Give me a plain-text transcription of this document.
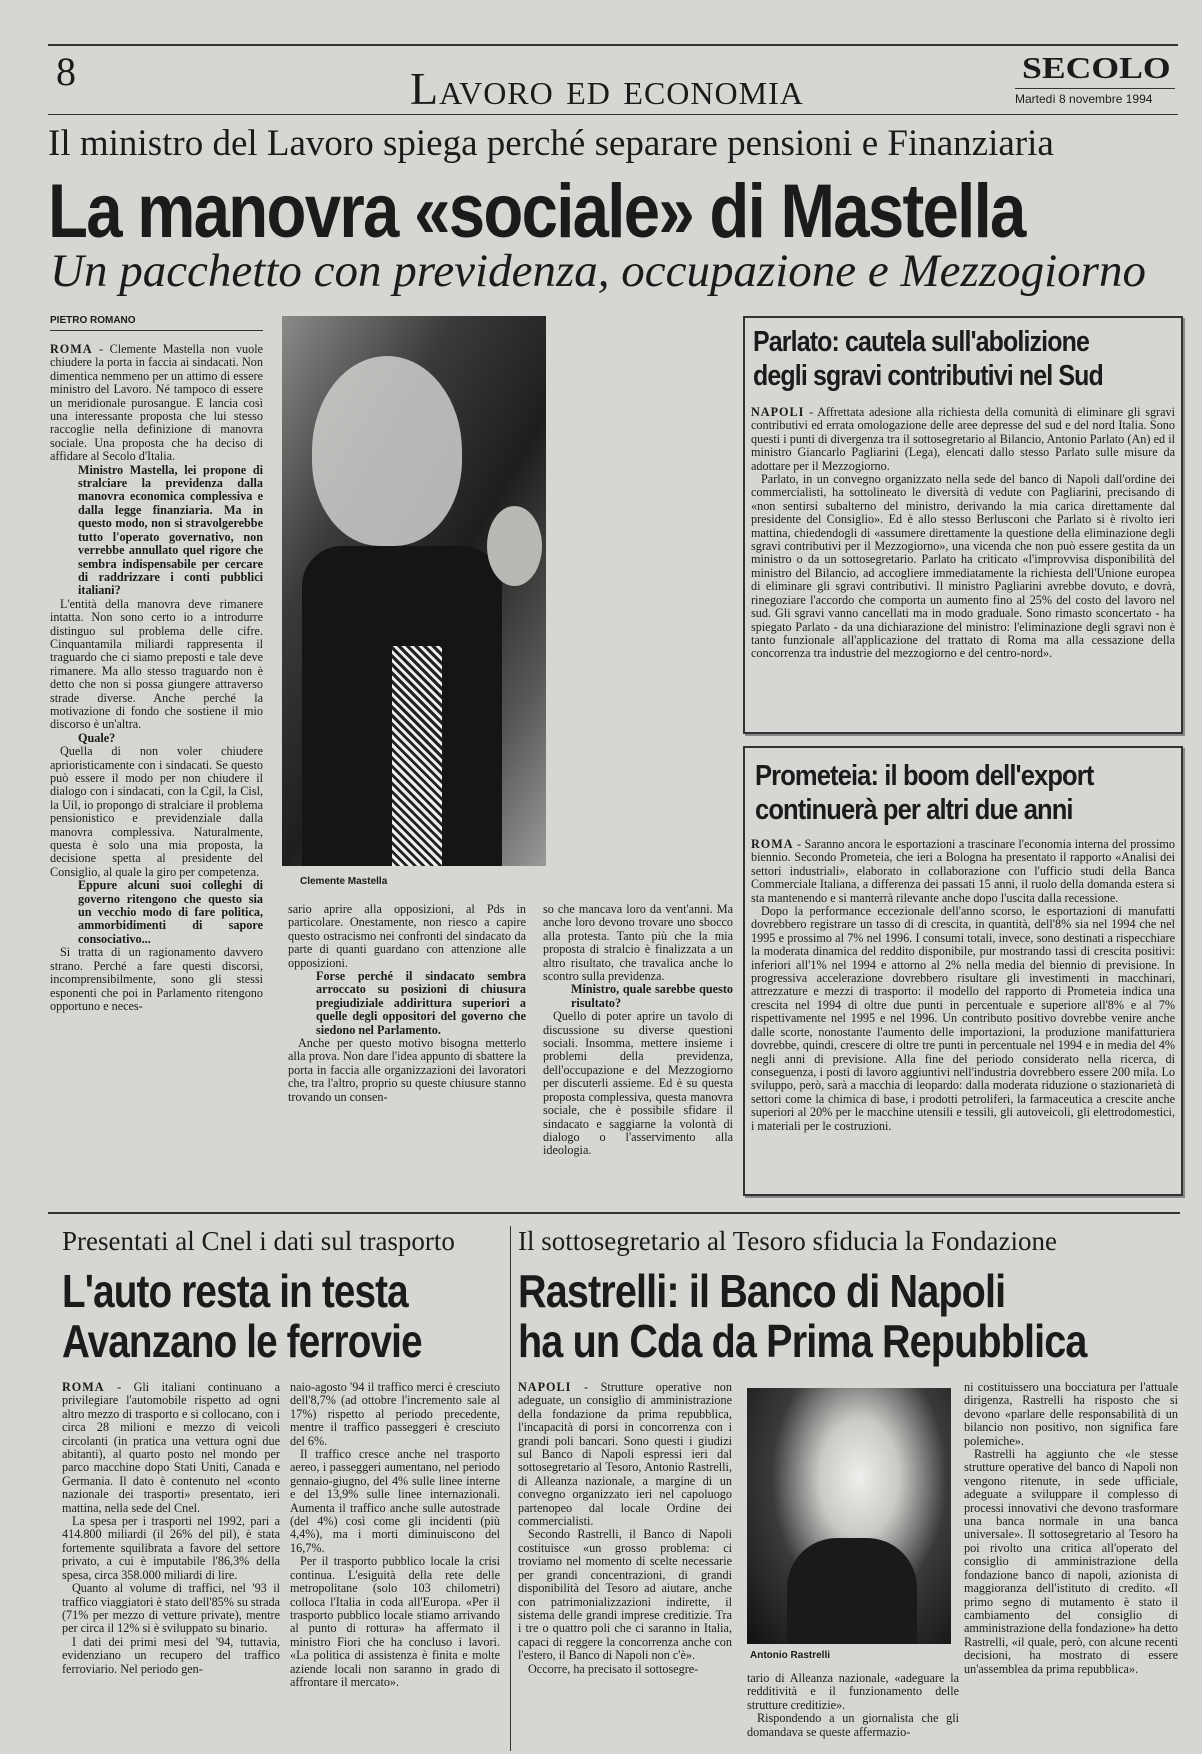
8	Lavoro ed economia	SECOLO
Martedì 8 novembre 1994
Il ministro del Lavoro spiega perché separare pensioni e Finanziaria
La manovra «sociale» di Mastella
Un pacchetto con previdenza, occupazione e Mezzogiorno
PIETRO ROMANO

ROMA - Clemente Mastella non vuole chiudere la porta in faccia ai sindacati. Non dimentica nemmeno per un attimo di essere ministro del Lavoro. Né tampoco di essere un meridionale purosangue. E lancia così una interessante proposta che lui stesso raccoglie nella definizione di manovra sociale. Una proposta che ha deciso di affidare al Secolo d'Italia.

Ministro Mastella, lei propone di stralciare la previdenza dalla manovra economica complessiva e dalla legge finanziaria. Ma in questo modo, non si stravolgerebbe tutto l'operato governativo, non verrebbe annullato quel rigore che sembra indispensabile per cercare di raddrizzare i conti pubblici italiani?

L'entità della manovra deve rimanere intatta. Non sono certo io a introdurre distinguo sul problema delle cifre. Cinquantamila miliardi rappresenta il traguardo che ci siamo preposti e tale deve rimanere. Ma allo stesso traguardo non è detto che non si possa giungere attraverso strade diverse. Anche perché la motivazione di fondo che sostiene il mio discorso è un'altra.

Quale?

Quella di non voler chiudere aprioristicamente con i sindacati. Se questo può essere il modo per non chiudere il dialogo con i sindacati, con la Cgil, la Cisl, la Uil, io propongo di stralciare il problema pensionistico e previdenziale dalla manovra complessiva. Naturalmente, questa è solo una mia proposta, la decisione spetta al presidente del Consiglio, al quale la giro per competenza.

Eppure alcuni suoi colleghi di governo ritengono che questo sia un vecchio modo di fare politica, ammorbidimenti di sapore consociativo...

Si tratta di un ragionamento davvero strano. Perché a fare questi discorsi, incomprensibilmente, sono gli stessi esponenti che poi in Parlamento ritengono opportuno e neces-

Clemente Mastella

sario aprire alla opposizioni, al Pds in particolare. Onestamente, non riesco a capire questo ostracismo nei confronti del sindacato da parte di quanti guardano con attenzione alle opposizioni.

Forse perché il sindacato sembra arroccato su posizioni di chiusura pregiudiziale addirittura superiori a quelle degli oppositori del governo che siedono nel Parlamento.

Anche per questo motivo bisogna metterlo alla prova. Non dare l'idea appunto di sbattere la porta in faccia alle organizzazioni dei lavoratori che, tra l'altro, proprio su queste chiusure stanno trovando un consen-

so che mancava loro da vent'anni. Ma anche loro devono trovare uno sbocco alla protesta. Tanto più che la mia proposta di stralcio è finalizzata a un altro risultato, che travalica anche lo scontro sulla previdenza.

Ministro, quale sarebbe questo risultato?

Quello di poter aprire un tavolo di discussione su diverse questioni sociali. Insomma, mettere insieme i problemi della previdenza, dell'occupazione e del Mezzogiorno per discuterli assieme. Ed è su questa proposta complessiva, questa manovra sociale, che è possibile sfidare il sindacato e saggiarne la volontà di dialogo o l'asservimento alla ideologia.

Parlato: cautela sull'abolizione
degli sgravi contributivi nel Sud

NAPOLI - Affrettata adesione alla richiesta della comunità di eliminare gli sgravi contributivi ed errata omologazione delle aree depresse del sud e del nord Italia. Sono questi i punti di divergenza tra il sottosegretario al Bilancio, Antonio Parlato (An) ed il ministro Giancarlo Pagliarini (Lega), elencati dallo stesso Parlato sulle misure da adottare per il Mezzogiorno.

Parlato, in un convegno organizzato nella sede del banco di Napoli dall'ordine dei commercialisti, ha sottolineato le diversità di vedute con Pagliarini, precisando di «non sentirsi subalterno del ministro, derivando la mia carica direttamente dal presidente del Consiglio». Ed è allo stesso Berlusconi che Parlato si è rivolto ieri mattina, chiedendogli di «assumere direttamente la questione della eliminazione degli sgravi contributivi per il Mezzogiorno», una vicenda che non può essere gestita da un ministro o da un sottosegretario. Parlato ha criticato «l'improvvisa disponibilità del ministro del Bilancio, ad accogliere immediatamente la richiesta dell'Unione europea di eliminare gli sgravi contributivi. Il ministro Pagliarini avrebbe dovuto, e dovrà, rinegoziare l'accordo che comporta un aumento fino al 25% del costo del lavoro nel sud. Gli sgravi vanno cancellati ma in modo graduale. Sono rimasto sconcertato - ha spiegato Parlato - da una dichiarazione del ministro: l'eliminazione degli sgravi non è tanto funzionale all'applicazione del trattato di Roma ma alla cessazione della concorrenza tra industrie del mezzogiorno e del centro-nord».

Prometeia: il boom dell'export
continuerà per altri due anni

ROMA - Saranno ancora le esportazioni a trascinare l'economia interna del prossimo biennio. Secondo Prometeia, che ieri a Bologna ha presentato il rapporto «Analisi dei settori industriali», elaborato in collaborazione con l'ufficio studi della Banca Commerciale Italiana, a differenza dei passati 15 anni, il ruolo della domanda estera si sta mantenendo e si manterrà rilevante anche dopo l'uscita dalla recessione.

Dopo la performance eccezionale dell'anno scorso, le esportazioni di manufatti dovrebbero registrare un tasso di di crescita, in quantità, dell'8% sia nel 1994 che nel 1995 e prossimo al 7% nel 1996. I consumi totali, invece, sono destinati a rispecchiare la moderata dinamica del reddito disponibile, pur mostrando tassi di crescita positivi: inferiori all'1% nel 1994 e attorno al 2% nella media del biennio di previsione. In progressiva accelerazione dovrebbero risultare gli investimenti in macchinari, attrezzature e mezzi di trasporto: il modello del rapporto di Prometeia indica una crescita nel 1994 di oltre due punti in percentuale e superiore all'8% e al 7% rispettivamente nel 1995 e nel 1996. Un contributo positivo dovrebbe venire anche dalle scorte, nonostante l'aumento delle importazioni, la produzione manifatturiera dovrebbe, quindi, crescere di oltre tre punti in percentuale nel 1994 e in media del 4% negli anni di previsione. Alla fine del periodo considerato nella ricerca, di conseguenza, i posti di lavoro aggiuntivi nell'industria dovrebbero essere 200 mila. Lo sviluppo, però, sarà a macchia di leopardo: dalla moderata riduzione o stazionarietà di settori come la chimica di base, i prodotti petroliferi, la farmaceutica a crescite anche superiori al 20% per le macchine utensili e tessili, gli autoveicoli, gli elettrodomestici, i materiali per le costruzioni.

Presentati al Cnel i dati sul trasporto
L'auto resta in testa
Avanzano le ferrovie

ROMA - Gli italiani continuano a privilegiare l'automobile rispetto ad ogni altro mezzo di trasporto e si collocano, con i circa 28 milioni e mezzo di veicoli circolanti (in pratica una vettura ogni due abitanti), al quarto posto nel mondo per parco macchine dopo Stati Uniti, Canada e Germania. Il dato è contenuto nel «conto nazionale dei trasporti» presentato, ieri mattina, nella sede del Cnel.

La spesa per i trasporti nel 1992, pari a 414.800 miliardi (il 26% del pil), è stata fortemente squilibrata a favore del settore privato, a cui è imputabile l'86,3% della spesa, circa 358.000 miliardi di lire.

Quanto al volume di traffici, nel '93 il traffico viaggiatori è stato dell'85% su strada (71% per mezzo di vetture private), mentre per circa il 12% si è sviluppato su binario.

I dati dei primi mesi del '94, tuttavia, evidenziano un recupero del traffico ferroviario. Nel periodo gen-

naio-agosto '94 il traffico merci è cresciuto dell'8,7% (ad ottobre l'incremento sale al 17%) rispetto al periodo precedente, mentre il traffico passeggeri è cresciuto del 6%.

Il traffico cresce anche nel trasporto aereo, i passeggeri aumentano, nel periodo gennaio-giugno, del 4% sulle linee interne e del 13,9% sulle linee internazionali. Aumenta il traffico anche sulle autostrade (del 4%) così come gli incidenti (più 4,4%), ma i morti diminuiscono del 16,7%.

Per il trasporto pubblico locale la crisi continua. L'esiguità della rete delle metropolitane (solo 103 chilometri) colloca l'Italia in coda all'Europa. «Per il trasporto pubblico locale stiamo arrivando al punto di rottura» ha affermato il ministro Fiori che ha concluso i lavori. «La politica di assistenza è finita e molte aziende locali non saranno in grado di affrontare il mercato».

Il sottosegretario al Tesoro sfiducia la Fondazione
Rastrelli: il Banco di Napoli
ha un Cda da Prima Repubblica

NAPOLI - Strutture operative non adeguate, un consiglio di amministrazione della fondazione da prima repubblica, l'incapacità di porsi in concorrenza con i grandi poli bancari. Sono questi i giudizi sul Banco di Napoli espressi ieri dal sottosegretario al Tesoro, Antonio Rastrelli, di Alleanza nazionale, a margine di un convegno organizzato ieri nel capoluogo partenopeo dal locale Ordine dei commercialisti.

Secondo Rastrelli, il Banco di Napoli costituisce «un grosso problema: ci troviamo nel momento di scelte necessarie per grandi concentrazioni, di grandi disponibilità del Tesoro ad aiutare, anche con patrimonializzazioni indirette, il sistema delle grandi imprese creditizie. Tra i tre o quattro poli che ci saranno in Italia, capaci di reggere la concorrenza anche con l'estero, il Banco di Napoli non c'è».

Occorre, ha precisato il sottosegre-

Antonio Rastrelli

tario di Alleanza nazionale, «adeguare la redditività e il funzionamento delle strutture creditizie».

Rispondendo a un giornalista che gli domandava se queste affermazio-

ni costituissero una bocciatura per l'attuale dirigenza, Rastrelli ha risposto che si devono «parlare delle responsabilità di un bilancio non positivo, non significa fare polemiche».

Rastrelli ha aggiunto che «le stesse strutture operative del banco di Napoli non vengono ritenute, in sede ufficiale, adeguate a sviluppare il complesso di processi innovativi che devono trasformare una banca normale in una banca universale». Il sottosegretario al Tesoro ha poi rivolto una critica all'operato del consiglio di amministrazione della fondazione banco di napoli, azionista di maggioranza dell'istituto di credito. «Il primo segno di mutamento è stato il cambiamento del consiglio di amministrazione della fondazione» ha detto Rastrelli, «il quale, però, con alcune recenti decisioni, ha mostrato di essere un'assemblea da prima repubblica».
